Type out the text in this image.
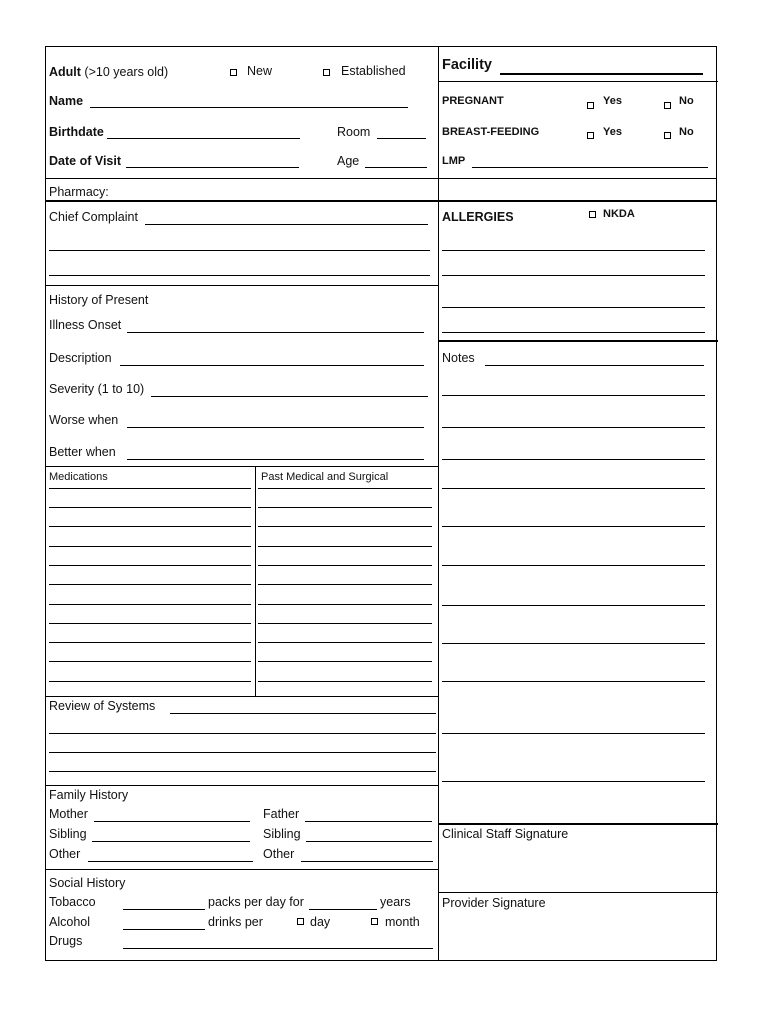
Adult (>10 years old)	New	Established
Name
Birthdate	Room
Date of Visit	Age
Facility
PREGNANT	Yes	No
BREAST-FEEDING	Yes	No
LMP
Pharmacy:
Chief Complaint	ALLERGIES	NKDA
History of Present
Illness Onset
Description
Severity (1 to 10)
Worse when
Better when
Notes
Medications	Past Medical and Surgical
Review of Systems
Family History
Mother	Father
Sibling	Sibling
Other	Other
Social History
Tobacco	packs per day for	years
Alcohol	drinks per	day	month
Drugs
Clinical Staff Signature
Provider Signature
